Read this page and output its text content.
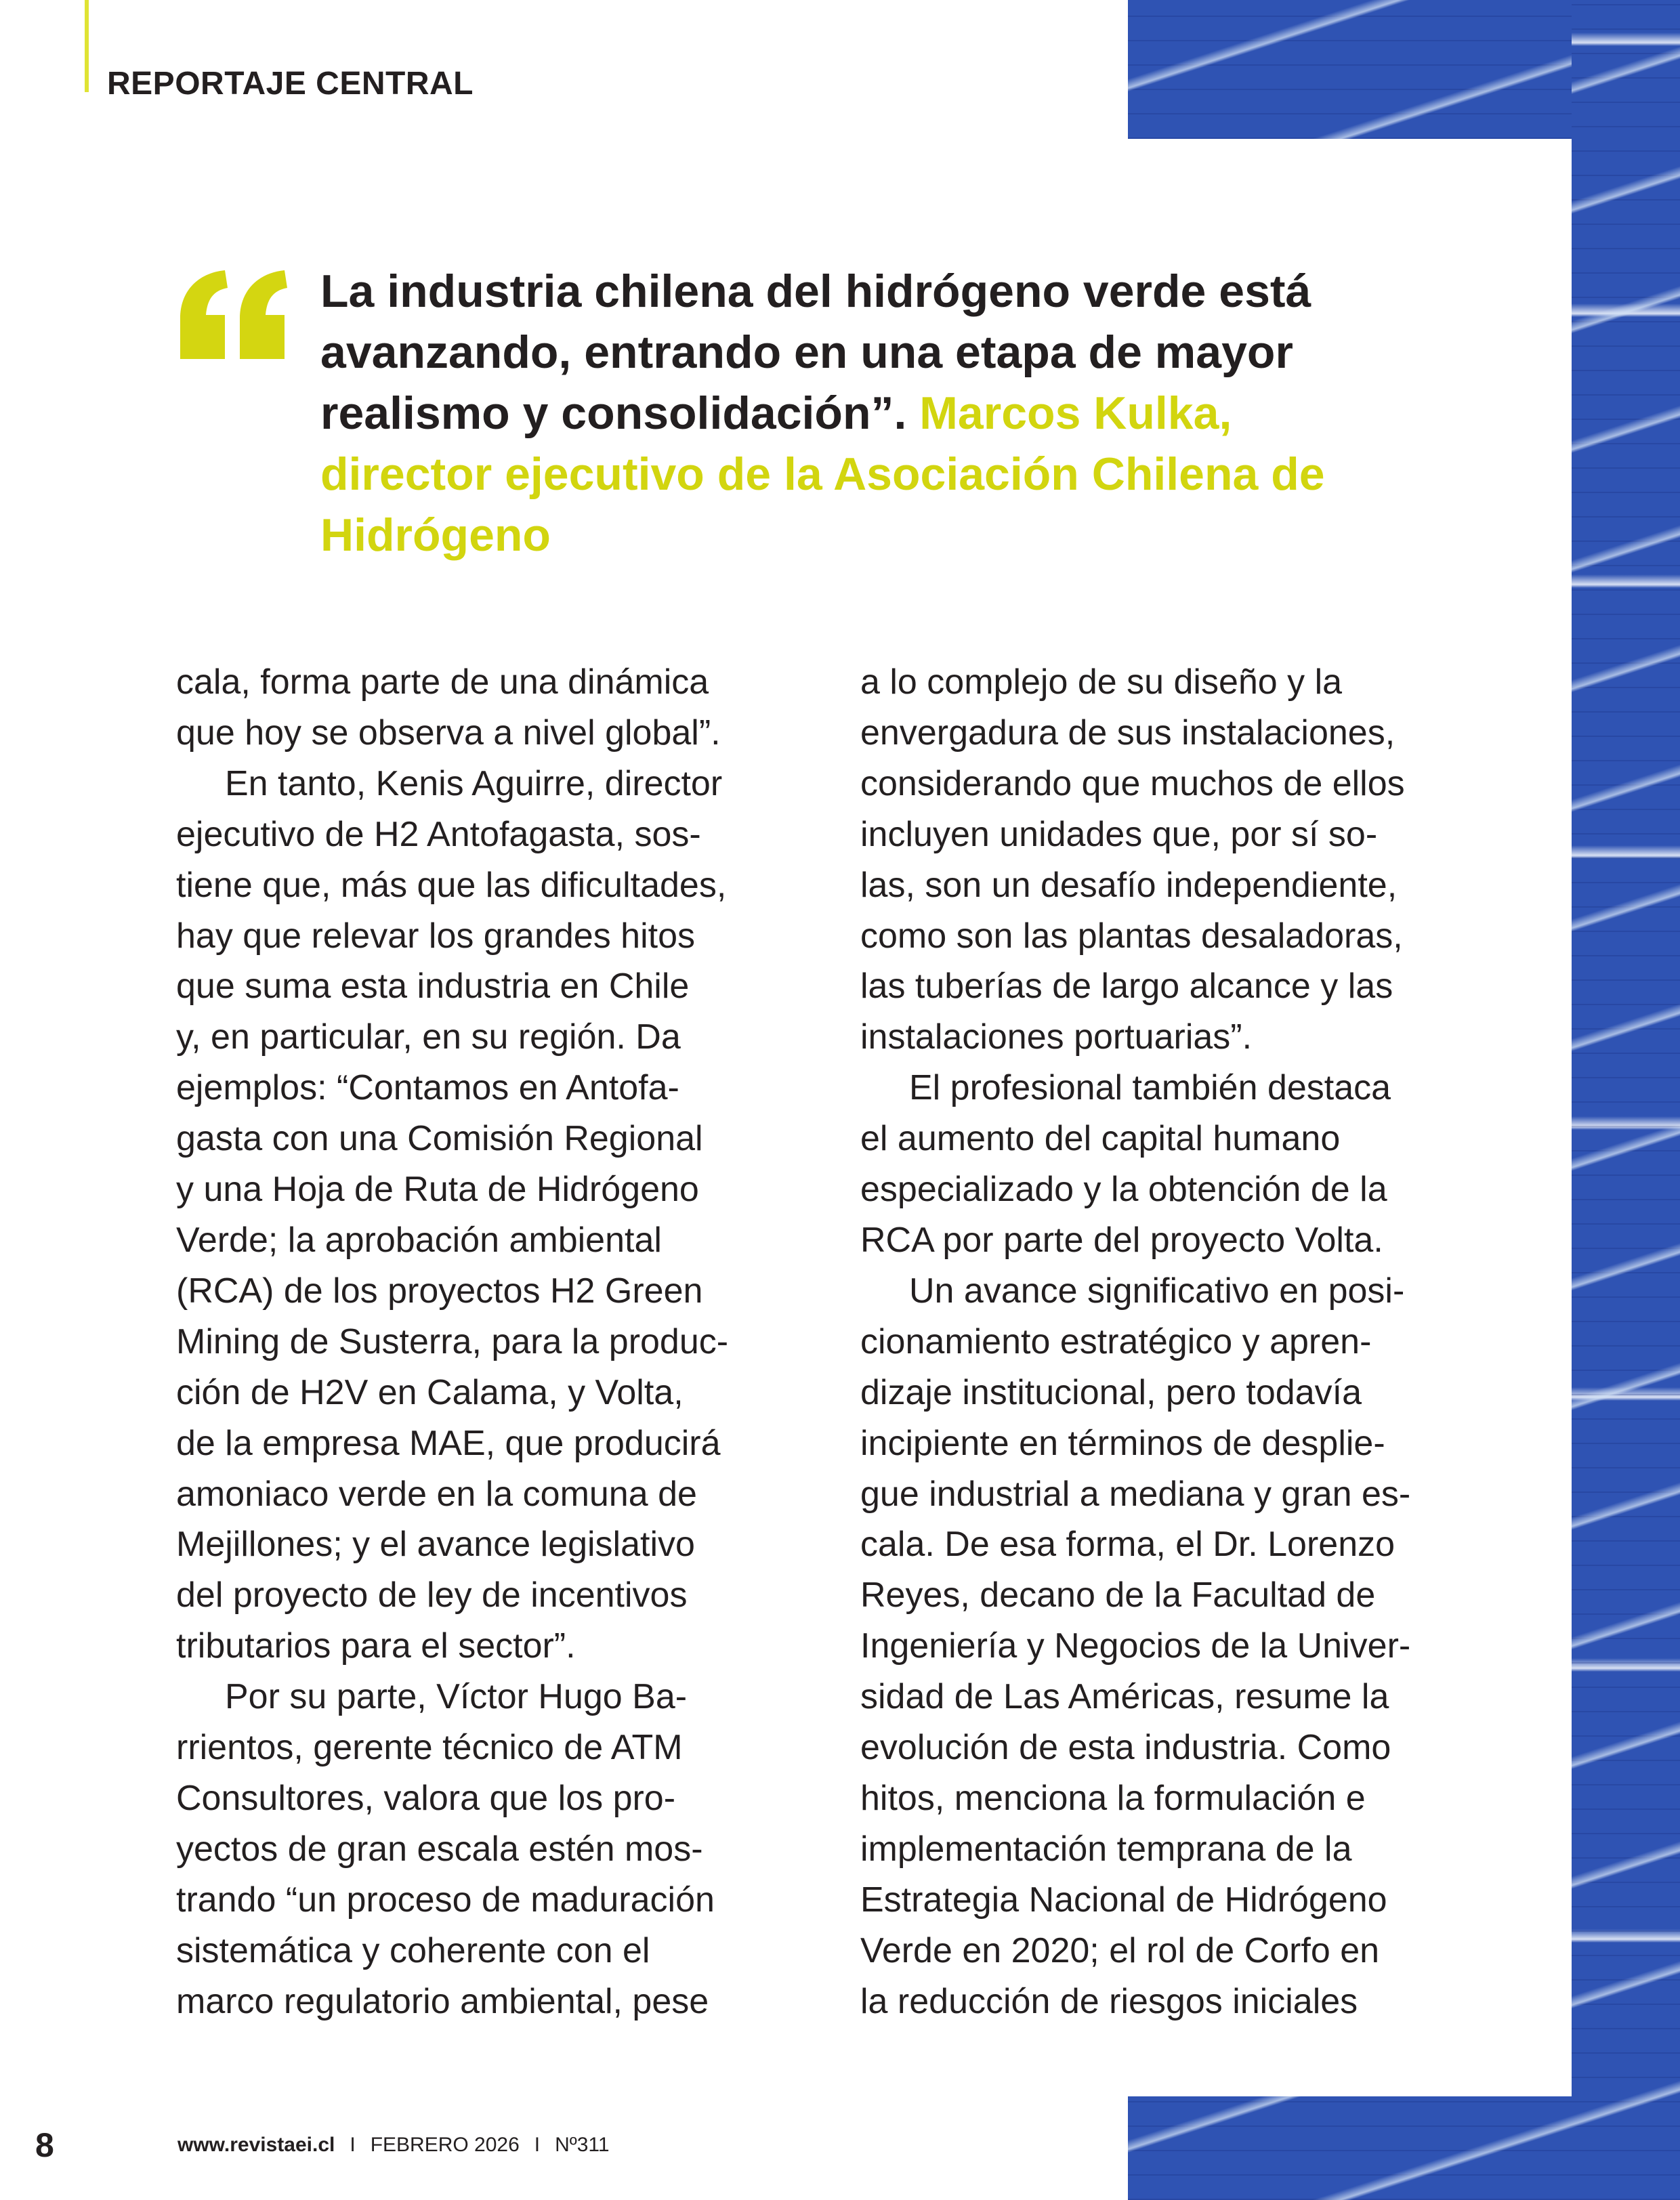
REPORTAJE CENTRAL
La industria chilena del hidrógeno verde está
avanzando, entrando en una etapa de mayor
realismo y consolidación”. Marcos Kulka,
director ejecutivo de la Asociación Chilena de
Hidrógeno
cala, forma parte de una dinámica
que hoy se observa a nivel global”.
En tanto, Kenis Aguirre, director
ejecutivo de H2 Antofagasta, sos-
tiene que, más que las dificultades,
hay que relevar los grandes hitos
que suma esta industria en Chile
y, en particular, en su región. Da
ejemplos: “Contamos en Antofa-
gasta con una Comisión Regional
y una Hoja de Ruta de Hidrógeno
Verde; la aprobación ambiental
(RCA) de los proyectos H2 Green
Mining de Susterra, para la produc-
ción de H2V en Calama, y Volta,
de la empresa MAE, que producirá
amoniaco verde en la comuna de
Mejillones; y el avance legislativo
del proyecto de ley de incentivos
tributarios para el sector”.
Por su parte, Víctor Hugo Ba-
rrientos, gerente técnico de ATM
Consultores, valora que los pro-
yectos de gran escala estén mos-
trando “un proceso de maduración
sistemática y coherente con el
marco regulatorio ambiental, pese
a lo complejo de su diseño y la
envergadura de sus instalaciones,
considerando que muchos de ellos
incluyen unidades que, por sí so-
las, son un desafío independiente,
como son las plantas desaladoras,
las tuberías de largo alcance y las
instalaciones portuarias”.
El profesional también destaca
el aumento del capital humano
especializado y la obtención de la
RCA por parte del proyecto Volta.
Un avance significativo en posi-
cionamiento estratégico y apren-
dizaje institucional, pero todavía
incipiente en términos de desplie-
gue industrial a mediana y gran es-
cala. De esa forma, el Dr. Lorenzo
Reyes, decano de la Facultad de
Ingeniería y Negocios de la Univer-
sidad de Las Américas, resume la
evolución de esta industria. Como
hitos, menciona la formulación e
implementación temprana de la
Estrategia Nacional de Hidrógeno
Verde en 2020; el rol de Corfo en
la reducción de riesgos iniciales
8	www.revistaei.cl I FEBRERO 2026 I Nº311
